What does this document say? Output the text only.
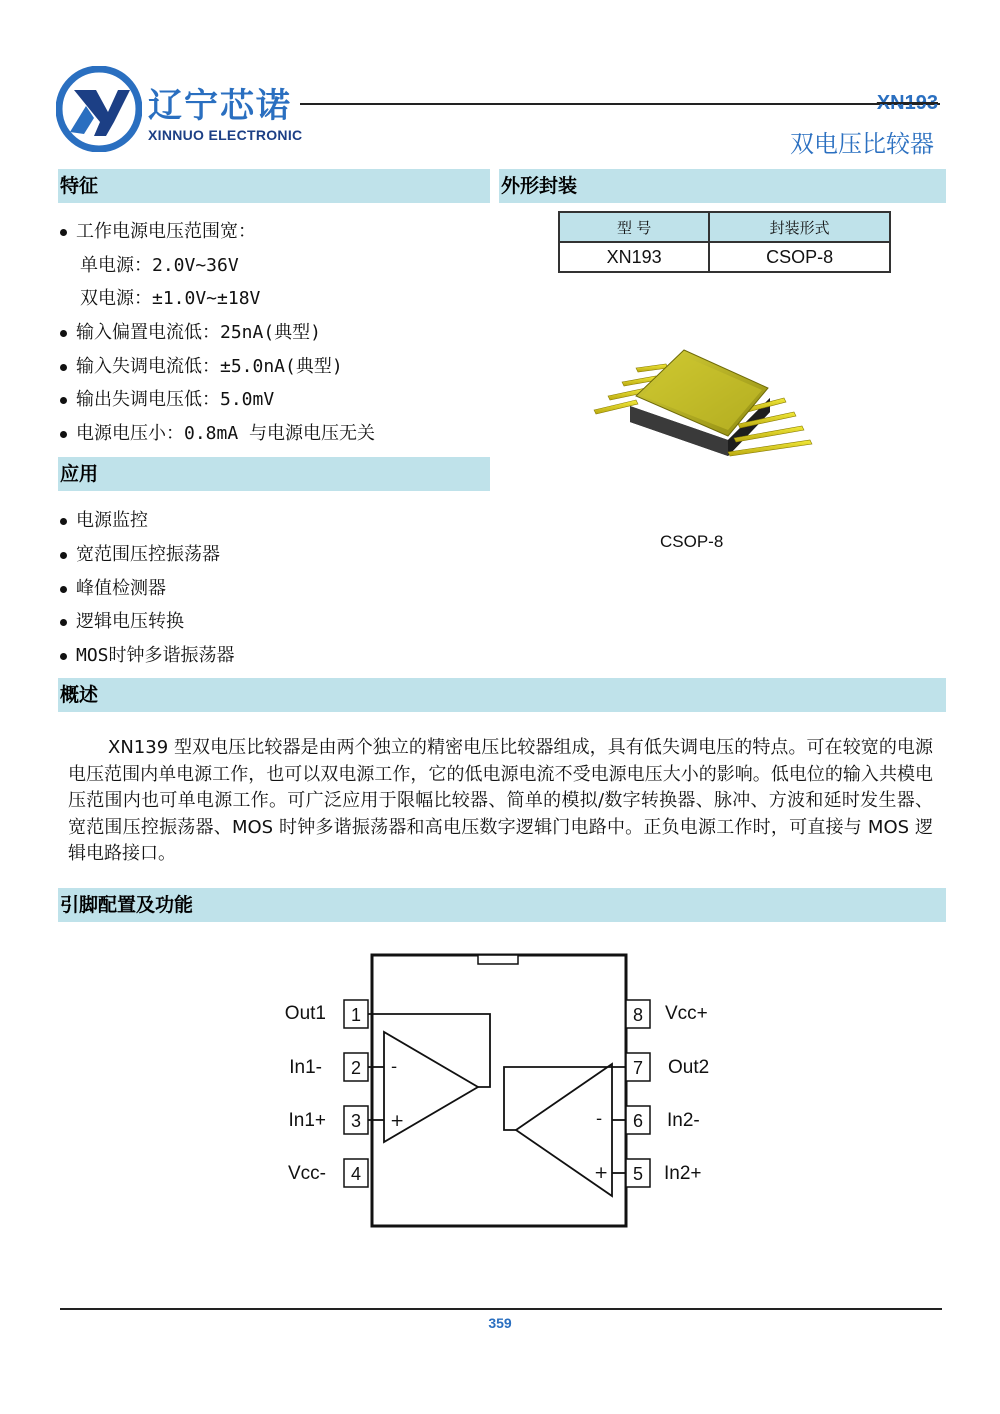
辽宁芯诺
XINNUO ELECTRONIC
XN193
双电压比较器
特征	外形封装
应用
概述
引脚配置及功能
工作电源电压范围宽：
单电源：2.0V~36V
双电源：±1.0V~±18V
输入偏置电流低：25nA(典型)
输入失调电流低：±5.0nA(典型)
输出失调电压低：5.0mV
电源电压小：0.8mA 与电源电压无关
电源监控
宽范围压控振荡器
峰值检测器
逻辑电压转换
MOS时钟多谐振荡器
型 号	封装形式
XN193	CSOP-8
CSOP-8
XN139 型双电压比较器是由两个独立的精密电压比较器组成，具有低失调电压的特点。可在较宽的电源电压范围内单电源工作，也可以双电源工作，它的低电源电流不受电源电压大小的影响。低电位的输入共模电压范围内也可单电源工作。可广泛应用于限幅比较器、简单的模拟/数字转换器、脉冲、方波和延时发生器、宽范围压控振荡器、MOS 时钟多谐振荡器和高电压数字逻辑门电路中。正负电源工作时，可直接与 MOS 逻辑电路接口。
1
2
3
4
8
7
6
5
-
+	-
+
Out1
In1-
In1+
Vcc-
Vcc+
Out2
In2-
In2+
359
